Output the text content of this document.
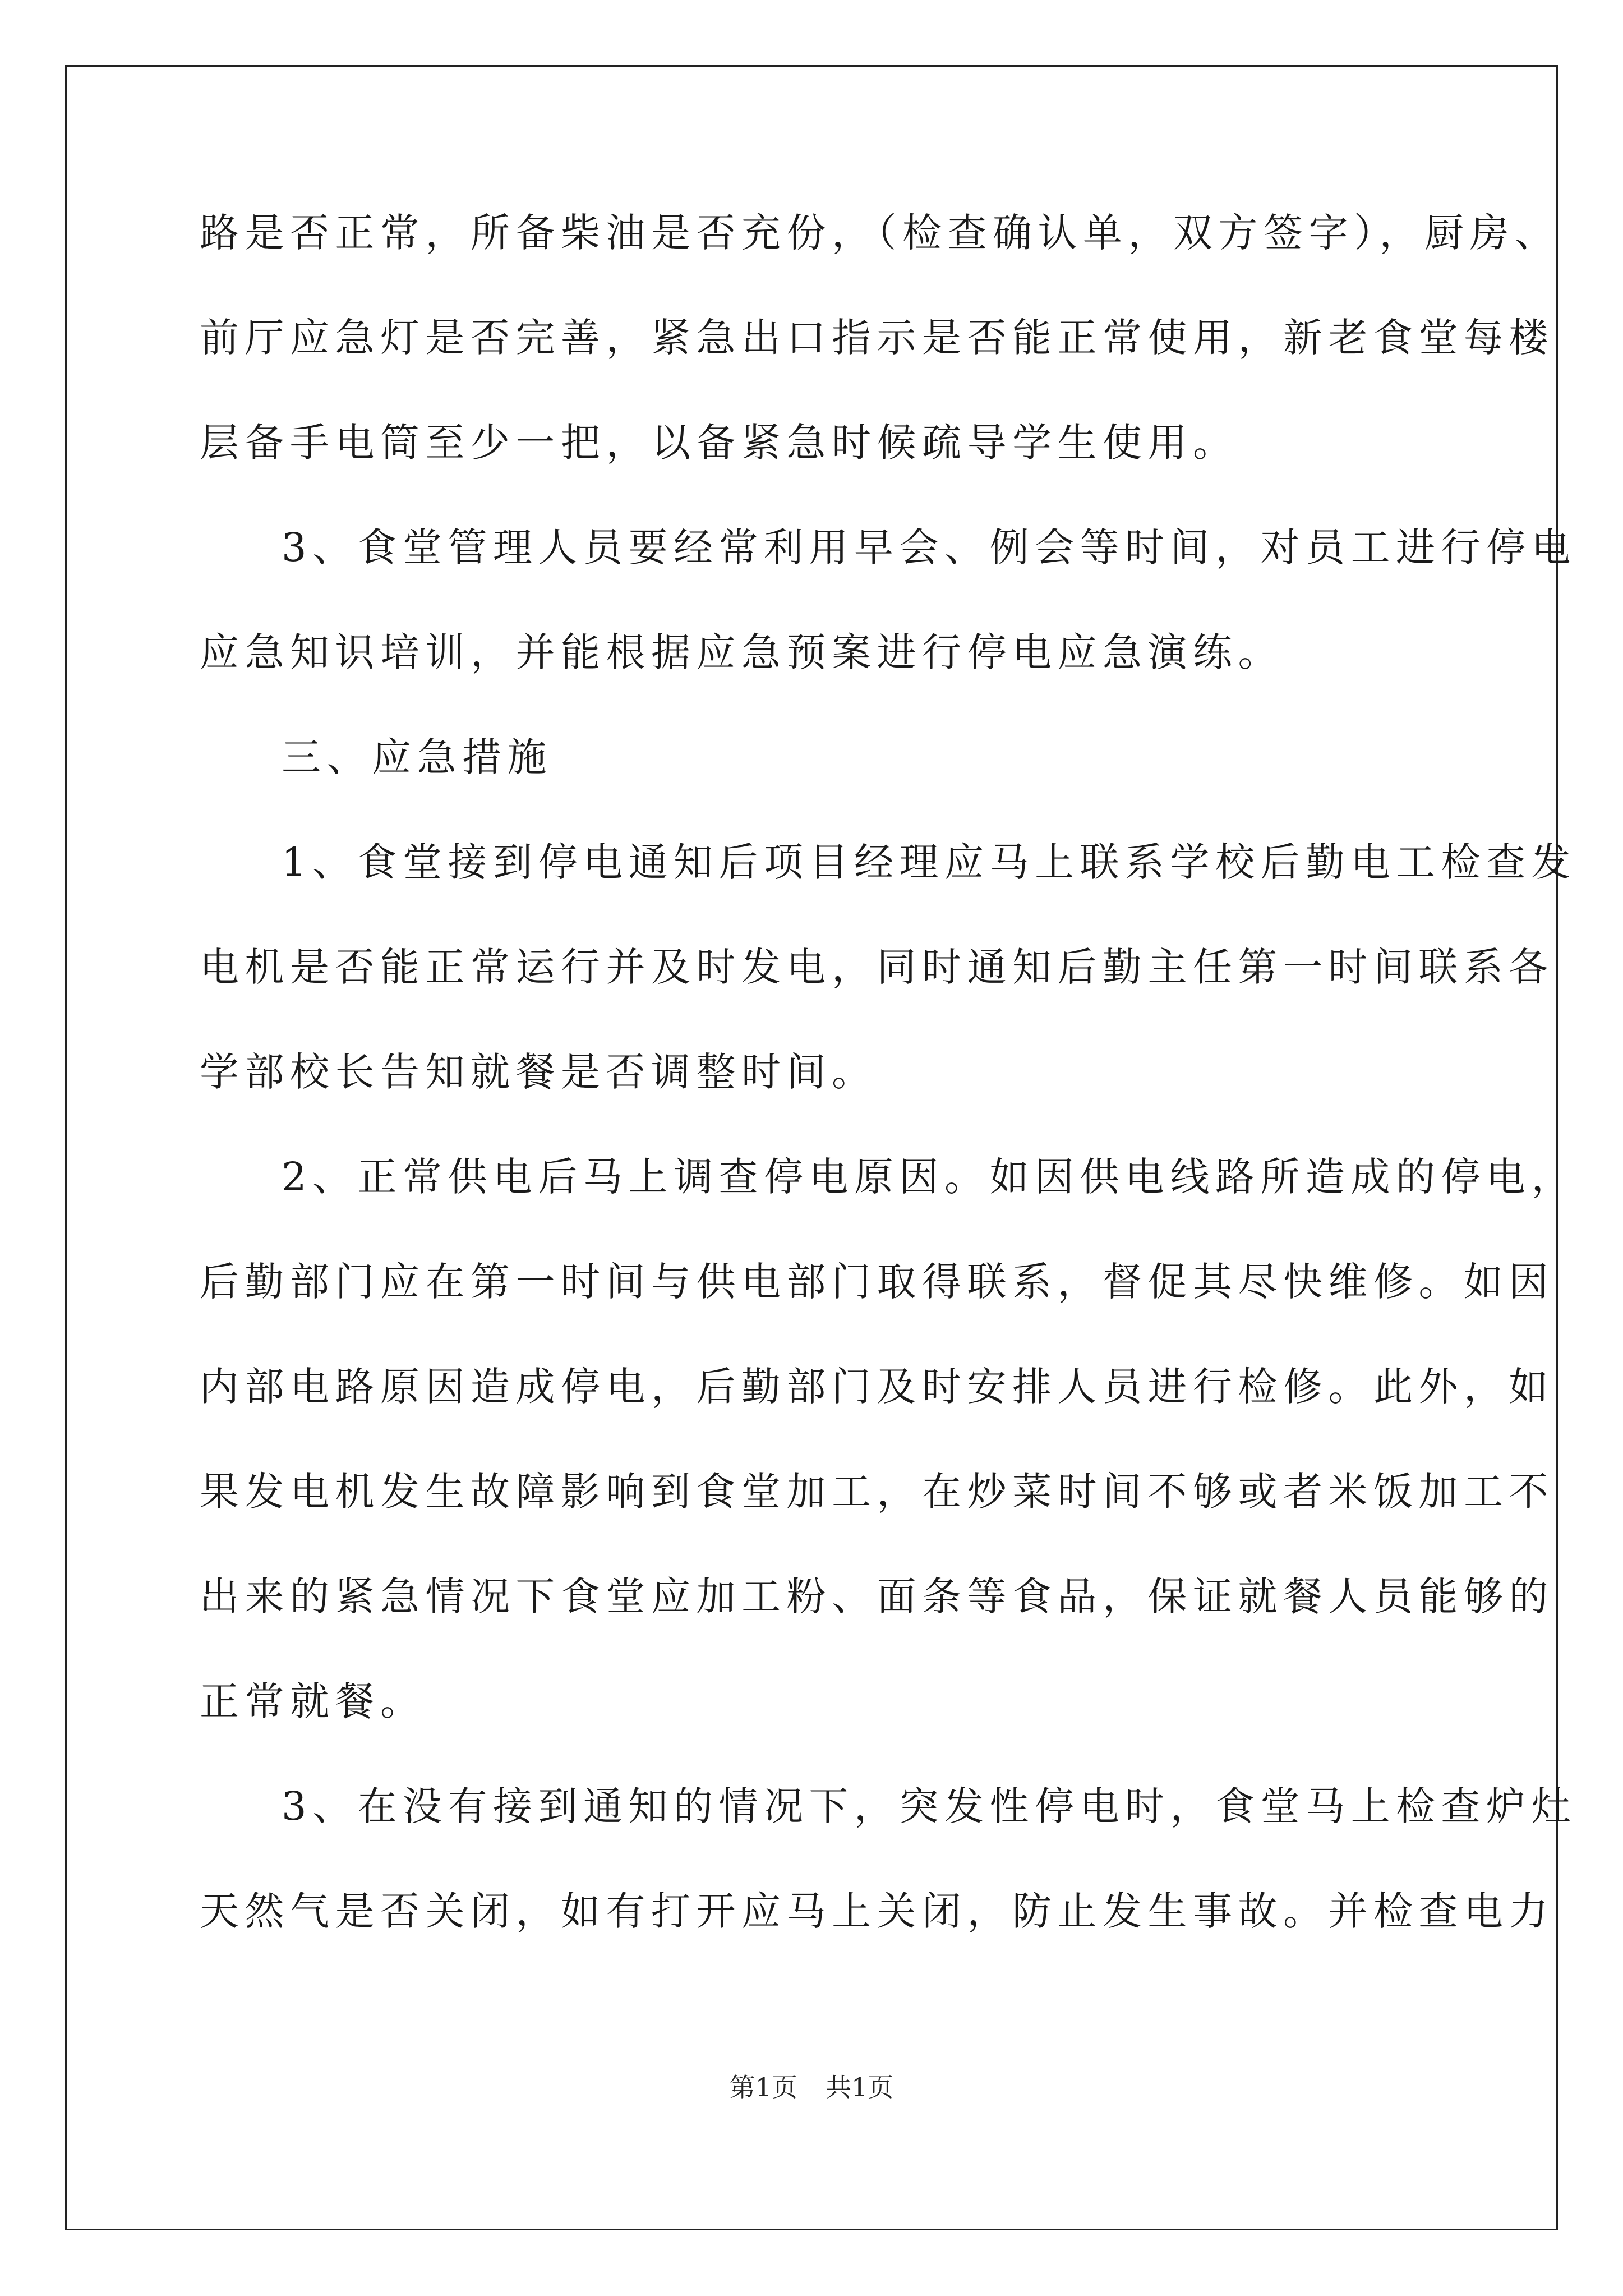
路是否正常，所备柴油是否充份，（检查确认单，双方签字），厨房、
前厅应急灯是否完善，紧急出口指示是否能正常使用，新老食堂每楼
层备手电筒至少一把，以备紧急时候疏导学生使用。
3、食堂管理人员要经常利用早会、例会等时间，对员工进行停电
应急知识培训，并能根据应急预案进行停电应急演练。
三、应急措施
1、食堂接到停电通知后项目经理应马上联系学校后勤电工检查发
电机是否能正常运行并及时发电，同时通知后勤主任第一时间联系各
学部校长告知就餐是否调整时间。
2、正常供电后马上调查停电原因。如因供电线路所造成的停电，
后勤部门应在第一时间与供电部门取得联系，督促其尽快维修。如因
内部电路原因造成停电，后勤部门及时安排人员进行检修。此外，如
果发电机发生故障影响到食堂加工，在炒菜时间不够或者米饭加工不
出来的紧急情况下食堂应加工粉、面条等食品，保证就餐人员能够的
正常就餐。
3、在没有接到通知的情况下，突发性停电时，食堂马上检查炉灶
天然气是否关闭，如有打开应马上关闭，防止发生事故。并检查电力
第1页 共1页
